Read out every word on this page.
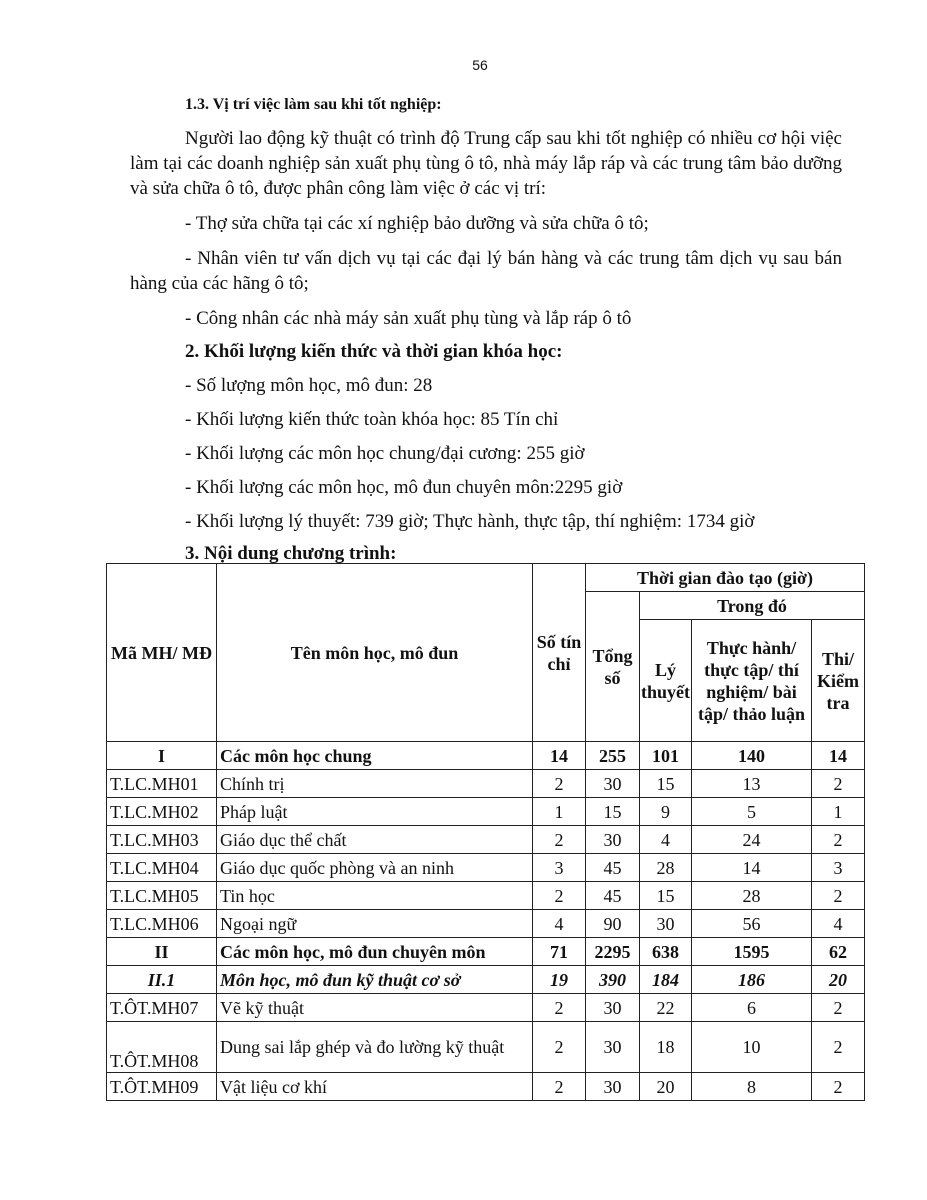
56

1.3. Vị trí việc làm sau khi tốt nghiệp:

Người lao động kỹ thuật có trình độ Trung cấp sau khi tốt nghiệp có nhiều cơ hội việc làm tại các doanh nghiệp sản xuất phụ tùng ô tô, nhà máy lắp ráp và các trung tâm bảo dưỡng và sửa chữa ô tô, được phân công làm việc ở các vị trí:

- Thợ sửa chữa tại các xí nghiệp bảo dưỡng và sửa chữa ô tô;

- Nhân viên tư vấn dịch vụ tại các đại lý bán hàng và các trung tâm dịch vụ sau bán hàng của các hãng ô tô;

- Công nhân các nhà máy sản xuất phụ tùng và lắp ráp ô tô

2. Khối lượng kiến thức và thời gian khóa học:

- Số lượng môn học, mô đun: 28

- Khối lượng kiến thức toàn khóa học: 85 Tín chỉ

- Khối lượng các môn học chung/đại cương: 255 giờ

- Khối lượng các môn học, mô đun chuyên môn:2295 giờ

- Khối lượng lý thuyết: 739 giờ; Thực hành, thực tập, thí nghiệm: 1734 giờ

3. Nội dung chương trình:

Mã MH/ MĐ	Tên môn học, mô đun	Số tín chỉ	Thời gian đào tạo (giờ)			
			Tổng số	Trong đó		
				Lý thuyết	Thực hành/ thực tập/ thí nghiệm/ bài tập/ thảo luận	Thi/ Kiểm tra
I	Các môn học chung	14	255	101	140	14
T.LC.MH01	Chính trị	2	30	15	13	2
T.LC.MH02	Pháp luật	1	15	9	5	1
T.LC.MH03	Giáo dục thể chất	2	30	4	24	2
T.LC.MH04	Giáo dục quốc phòng và an ninh	3	45	28	14	3
T.LC.MH05	Tin học	2	45	15	28	2
T.LC.MH06	Ngoại ngữ	4	90	30	56	4
II	Các môn học, mô đun chuyên môn	71	2295	638	1595	62
II.1	Môn học, mô đun kỹ thuật cơ sở	19	390	184	186	20
T.ÔT.MH07	Vẽ kỹ thuật	2	30	22	6	2
T.ÔT.MH08	Dung sai lắp ghép và đo lường kỹ thuật	2	30	18	10	2
T.ÔT.MH09	Vật liệu cơ khí	2	30	20	8	2
